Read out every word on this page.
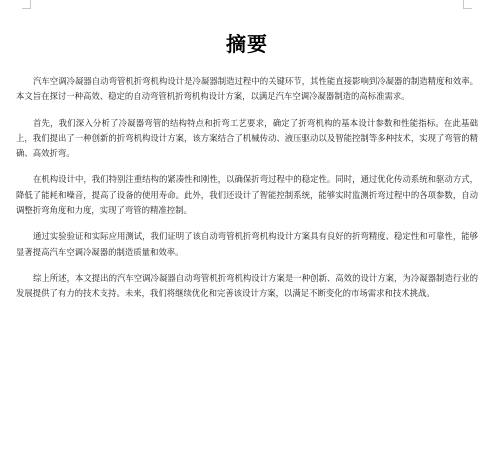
摘要

汽车空调冷凝器自动弯管机折弯机构设计是冷凝器制造过程中的关键环节，其性能直接影响到冷凝器的制造精度和效率。本文旨在探讨一种高效、稳定的自动弯管机折弯机构设计方案，以满足汽车空调冷凝器制造的高标准需求。

首先，我们深入分析了冷凝器弯管的结构特点和折弯工艺要求，确定了折弯机构的基本设计参数和性能指标。在此基础上，我们提出了一种创新的折弯机构设计方案，该方案结合了机械传动、液压驱动以及智能控制等多种技术，实现了弯管的精确、高效折弯。

在机构设计中，我们特别注重结构的紧凑性和刚性，以确保折弯过程中的稳定性。同时，通过优化传动系统和驱动方式，降低了能耗和噪音，提高了设备的使用寿命。此外，我们还设计了智能控制系统，能够实时监测折弯过程中的各项参数，自动调整折弯角度和力度，实现了弯管的精准控制。

通过实验验证和实际应用测试，我们证明了该自动弯管机折弯机构设计方案具有良好的折弯精度、稳定性和可靠性，能够显著提高汽车空调冷凝器的制造质量和效率。

综上所述，本文提出的汽车空调冷凝器自动弯管机折弯机构设计方案是一种创新、高效的设计方案，为冷凝器制造行业的发展提供了有力的技术支持。未来，我们将继续优化和完善该设计方案，以满足不断变化的市场需求和技术挑战。
